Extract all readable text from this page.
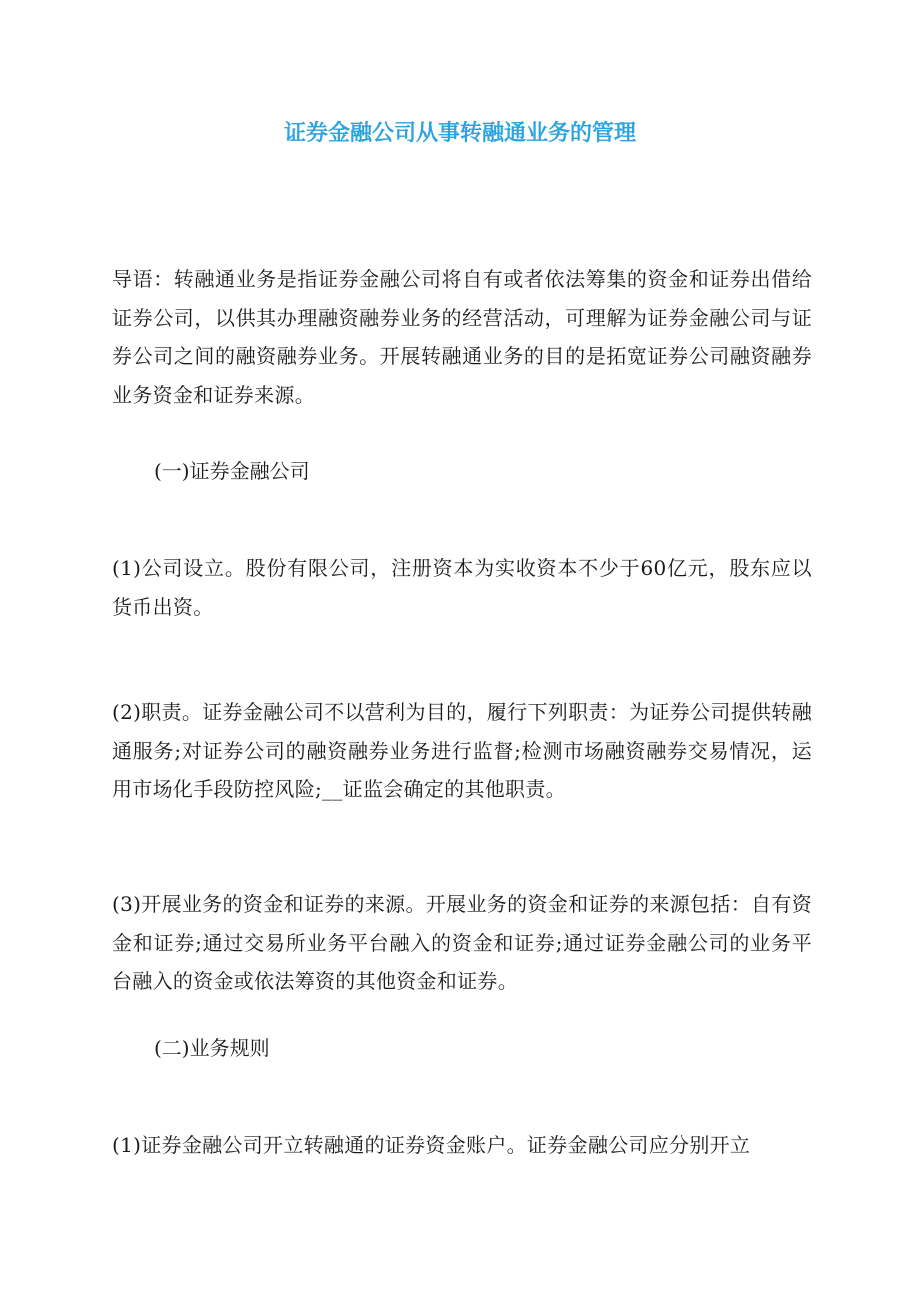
证券金融公司从事转融通业务的管理

导语：转融通业务是指证券金融公司将自有或者依法筹集的资金和证券出借给证券公司，以供其办理融资融券业务的经营活动，可理解为证券金融公司与证券公司之间的融资融券业务。开展转融通业务的目的是拓宽证券公司融资融券业务资金和证券来源。

(一)证券金融公司

(1)公司设立。股份有限公司，注册资本为实收资本不少于60亿元，股东应以货币出资。

(2)职责。证券金融公司不以营利为目的，履行下列职责：为证券公司提供转融通服务;对证券公司的融资融券业务进行监督;检测市场融资融券交易情况，运用市场化手段防控风险;__证监会确定的其他职责。

(3)开展业务的资金和证券的来源。开展业务的资金和证券的来源包括：自有资金和证券;通过交易所业务平台融入的资金和证券;通过证券金融公司的业务平台融入的资金或依法筹资的其他资金和证券。

(二)业务规则

(1)证券金融公司开立转融通的证券资金账户。证券金融公司应分别开立
